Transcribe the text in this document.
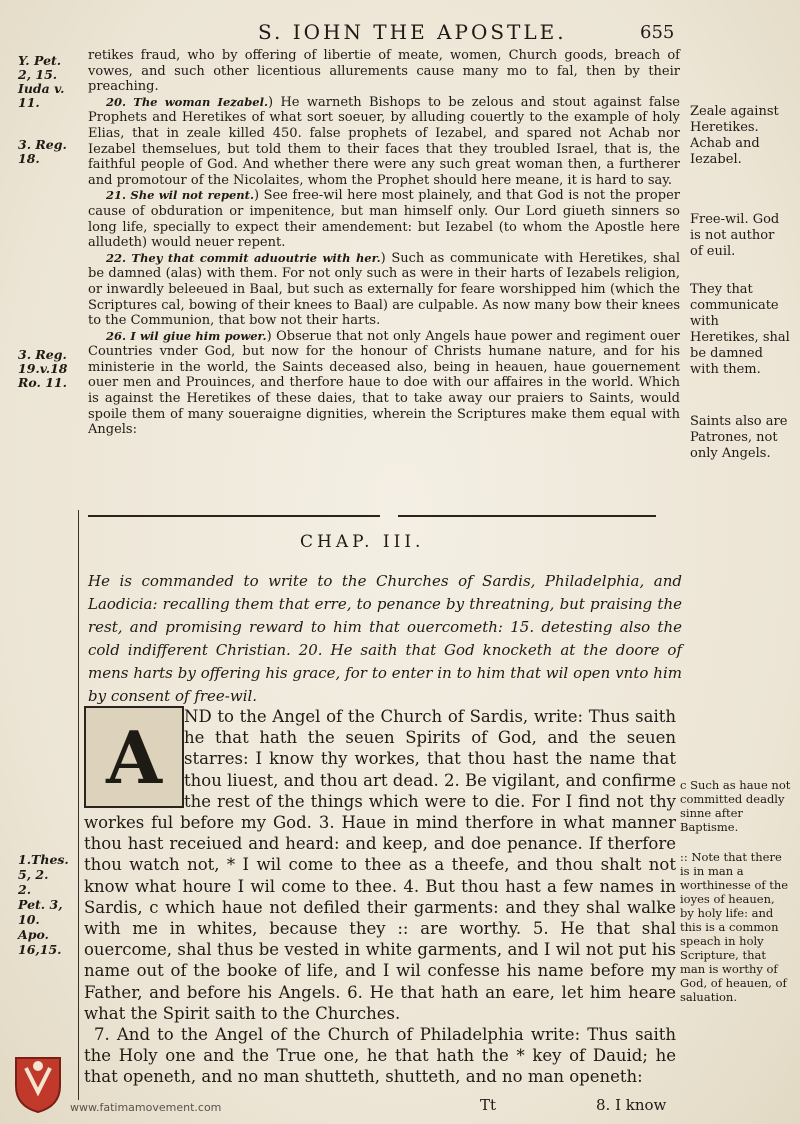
S. IOHN THE APOSTLE.	655
Y. Pet.
2, 15.
Iuda v.
11.
3. Reg.
18.
3. Reg.
19.v.18
Ro. 11.
1.Thes.
5, 2.
2.
Pet. 3,
10.
Apo.
16,15.
Zeale against Heretikes. Achab and Iezabel.
Free-wil. God is not author of euil.
They that communicate with Heretikes, shal be damned with them.
Saints also are Patrones, not only Angels.
c Such as haue not committed deadly sinne after Baptisme.
:: Note that there is in man a worthinesse of the ioyes of heauen, by holy life: and this is a common speach in holy Scripture, that man is worthy of God, of heauen, of saluation.

retikes fraud, who by offering of libertie of meate, women, Church goods, breach of vowes, and such other licentious allurements cause many mo to fal, then by their preaching.

20. The woman Iezabel.) He warneth Bishops to be zelous and stout against false Prophets and Heretikes of what sort soeuer, by alluding couertly to the example of holy Elias, that in zeale killed 450. false prophets of Iezabel, and spared not Achab nor Iezabel themselues, but told them to their faces that they troubled Israel, that is, the faithful people of God. And whether there were any such great woman then, a furtherer and promotour of the Nicolaites, whom the Prophet should here meane, it is hard to say.

21. She wil not repent.) See free-wil here most plainely, and that God is not the proper cause of obduration or impenitence, but man himself only. Our Lord giueth sinners so long life, specially to expect their amendement: but Iezabel (to whom the Apostle here alludeth) would neuer repent.

22. They that commit aduoutrie with her.) Such as communicate with Heretikes, shal be damned (alas) with them. For not only such as were in their harts of Iezabels religion, or inwardly beleeued in Baal, but such as externally for feare worshipped him (which the Scriptures cal, bowing of their knees to Baal) are culpable. As now many bow their knees to the Communion, that bow not their harts.

26. I wil giue him power.) Obserue that not only Angels haue power and regiment ouer Countries vnder God, but now for the honour of Christs humane nature, and for his ministerie in the world, the Saints deceased also, being in heauen, haue gouernement ouer men and Prouinces, and therfore haue to doe with our affaires in the world. Which is against the Heretikes of these daies, that to take away our praiers to Saints, would spoile them of many soueraigne dignities, wherein the Scriptures make them equal with Angels:

CHAP. III.
He is commanded to write to the Churches of Sardis, Philadelphia, and Laodicia: recalling them that erre, to penance by threatning, but praising the rest, and promising reward to him that ouercometh: 15. detesting also the cold indifferent Christian. 20. He saith that God knocketh at the doore of mens harts by offering his grace, for to enter in to him that wil open vnto him by consent of free-wil.
ND to the Angel of the Church of Sardis, write: Thus saith he that hath the seuen Spirits of God, and the seuen starres: I know thy workes, that thou hast the name that thou liuest, and thou art dead. 2. Be vigilant, and confirme the rest of the things which were to die. For I find not thy workes ful before my God. 3. Haue in mind therfore in what manner thou hast receiued and heard: and keep, and doe penance. If therfore thou watch not, * I wil come to thee as a theefe, and thou shalt not know what houre I wil come to thee. 4. But thou hast a few names in Sardis, c which haue not defiled their garments: and they shal walke with me in whites, because they :: are worthy. 5. He that shal ouercome, shal thus be vested in white garments, and I wil not put his name out of the booke of life, and I wil confesse his name before my Father, and before his Angels. 6. He that hath an eare, let him heare what the Spirit saith to the Churches.
7. And to the Angel of the Church of Philadelphia write: Thus saith the Holy one and the True one, he that hath the * key of Dauid; he that openeth, and no man shutteth, shutteth, and no man openeth:
A
Tt	8. I know
www.fatimamovement.com
